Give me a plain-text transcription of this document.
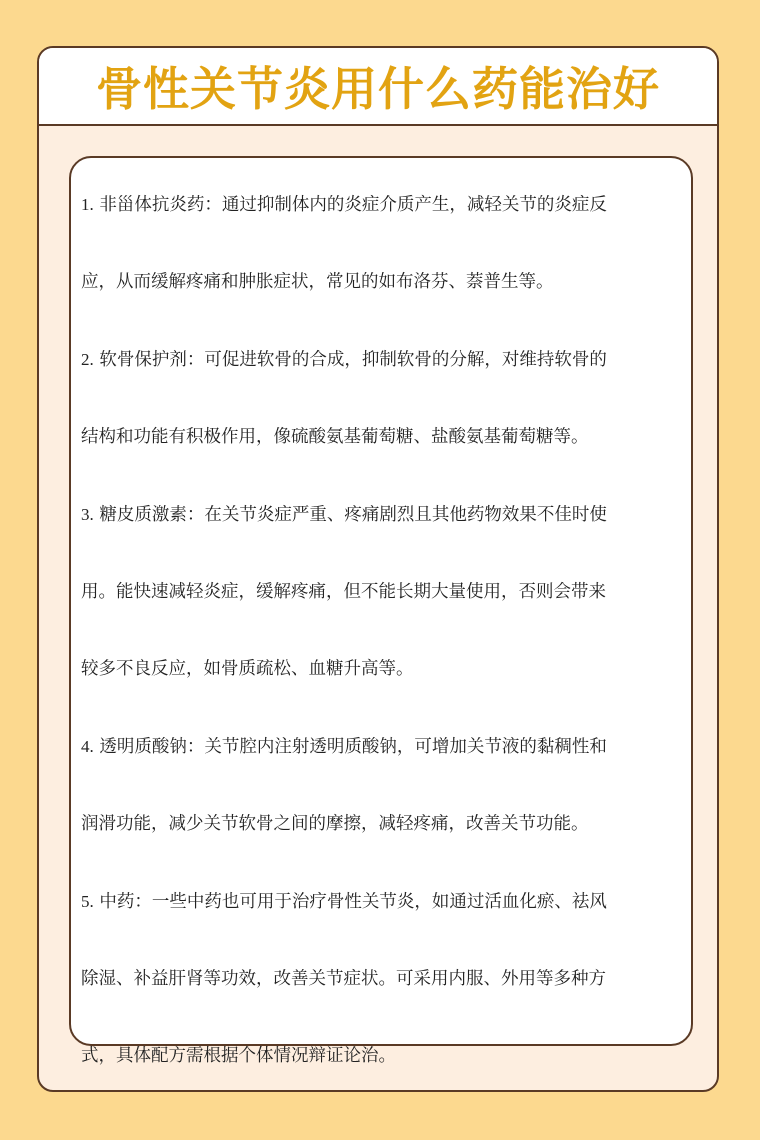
骨性关节炎用什么药能治好

1. 非甾体抗炎药：通过抑制体内的炎症介质产生，减轻关节的炎症反

应，从而缓解疼痛和肿胀症状，常见的如布洛芬、萘普生等。

2. 软骨保护剂：可促进软骨的合成，抑制软骨的分解，对维持软骨的

结构和功能有积极作用，像硫酸氨基葡萄糖、盐酸氨基葡萄糖等。

3. 糖皮质激素：在关节炎症严重、疼痛剧烈且其他药物效果不佳时使

用。能快速减轻炎症，缓解疼痛，但不能长期大量使用，否则会带来

较多不良反应，如骨质疏松、血糖升高等。

4. 透明质酸钠：关节腔内注射透明质酸钠，可增加关节液的黏稠性和

润滑功能，减少关节软骨之间的摩擦，减轻疼痛，改善关节功能。

5. 中药：一些中药也可用于治疗骨性关节炎，如通过活血化瘀、祛风

除湿、补益肝肾等功效，改善关节症状。可采用内服、外用等多种方

式，具体配方需根据个体情况辩证论治。
